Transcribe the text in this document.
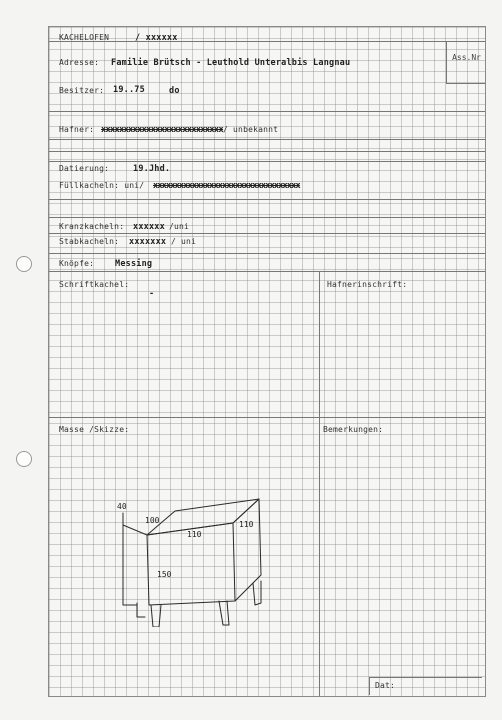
Ass.Nr
KACHELOFEN	/ xxxxxx
Adresse: Familie Brütsch - Leuthold Unteralbis Langnau
Besitzer: 19..75	do
Hafner: xxxxxxxxxxxxxxxxxxxxxxxxxxx / unbekannt
Datierung:	19.Jhd.
Füllkacheln: uni/ xxxxxxxxxxxxxxxxxxxxxxxxxxxxxxxxxx
Kranzkacheln: xxxxxx /uni
Stabkacheln: xxxxxxx / uni
Knöpfe: Messing
Schriftkachel:
-
Hafnerinschrift:
Masse /Skizze:	Bemerkungen:
Dat:
40
100
110
110
150
